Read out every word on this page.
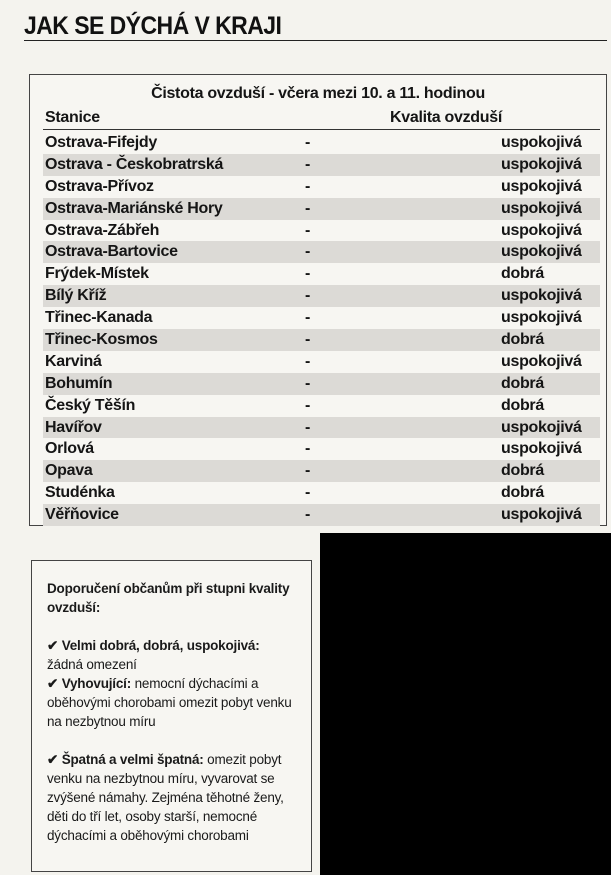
JAK SE DÝCHÁ V KRAJI
Čistota ovzduší - včera mezi 10. a 11. hodinou
Stanice	Kvalita ovzduší
Ostrava-Fifejdy	-	uspokojivá
Ostrava - Českobratrská	-	uspokojivá
Ostrava-Přívoz	-	uspokojivá
Ostrava-Mariánské Hory	-	uspokojivá
Ostrava-Zábřeh	-	uspokojivá
Ostrava-Bartovice	-	uspokojivá
Frýdek-Místek	-	dobrá
Bílý Kříž	-	uspokojivá
Třinec-Kanada	-	uspokojivá
Třinec-Kosmos	-	dobrá
Karviná	-	uspokojivá
Bohumín	-	dobrá
Český Těšín	-	dobrá
Havířov	-	uspokojivá
Orlová	-	uspokojivá
Opava	-	dobrá
Studénka	-	dobrá
Věřňovice	-	uspokojivá
Doporučení občanům při stupni kvality ovzduší:

✔ Velmi dobrá, dobrá, uspokojivá:
žádná omezení

✔ Vyhovující: nemocní dýchacími a oběhovými chorobami omezit pobyt venku na nezbytnou míru

✔ Špatná a velmi špatná: omezit pobyt venku na nezbytnou míru, vyvarovat se zvýšené námahy. Zejména těhotné ženy, děti do tří let, osoby starší, nemocné dýchacími a oběhovými chorobami
